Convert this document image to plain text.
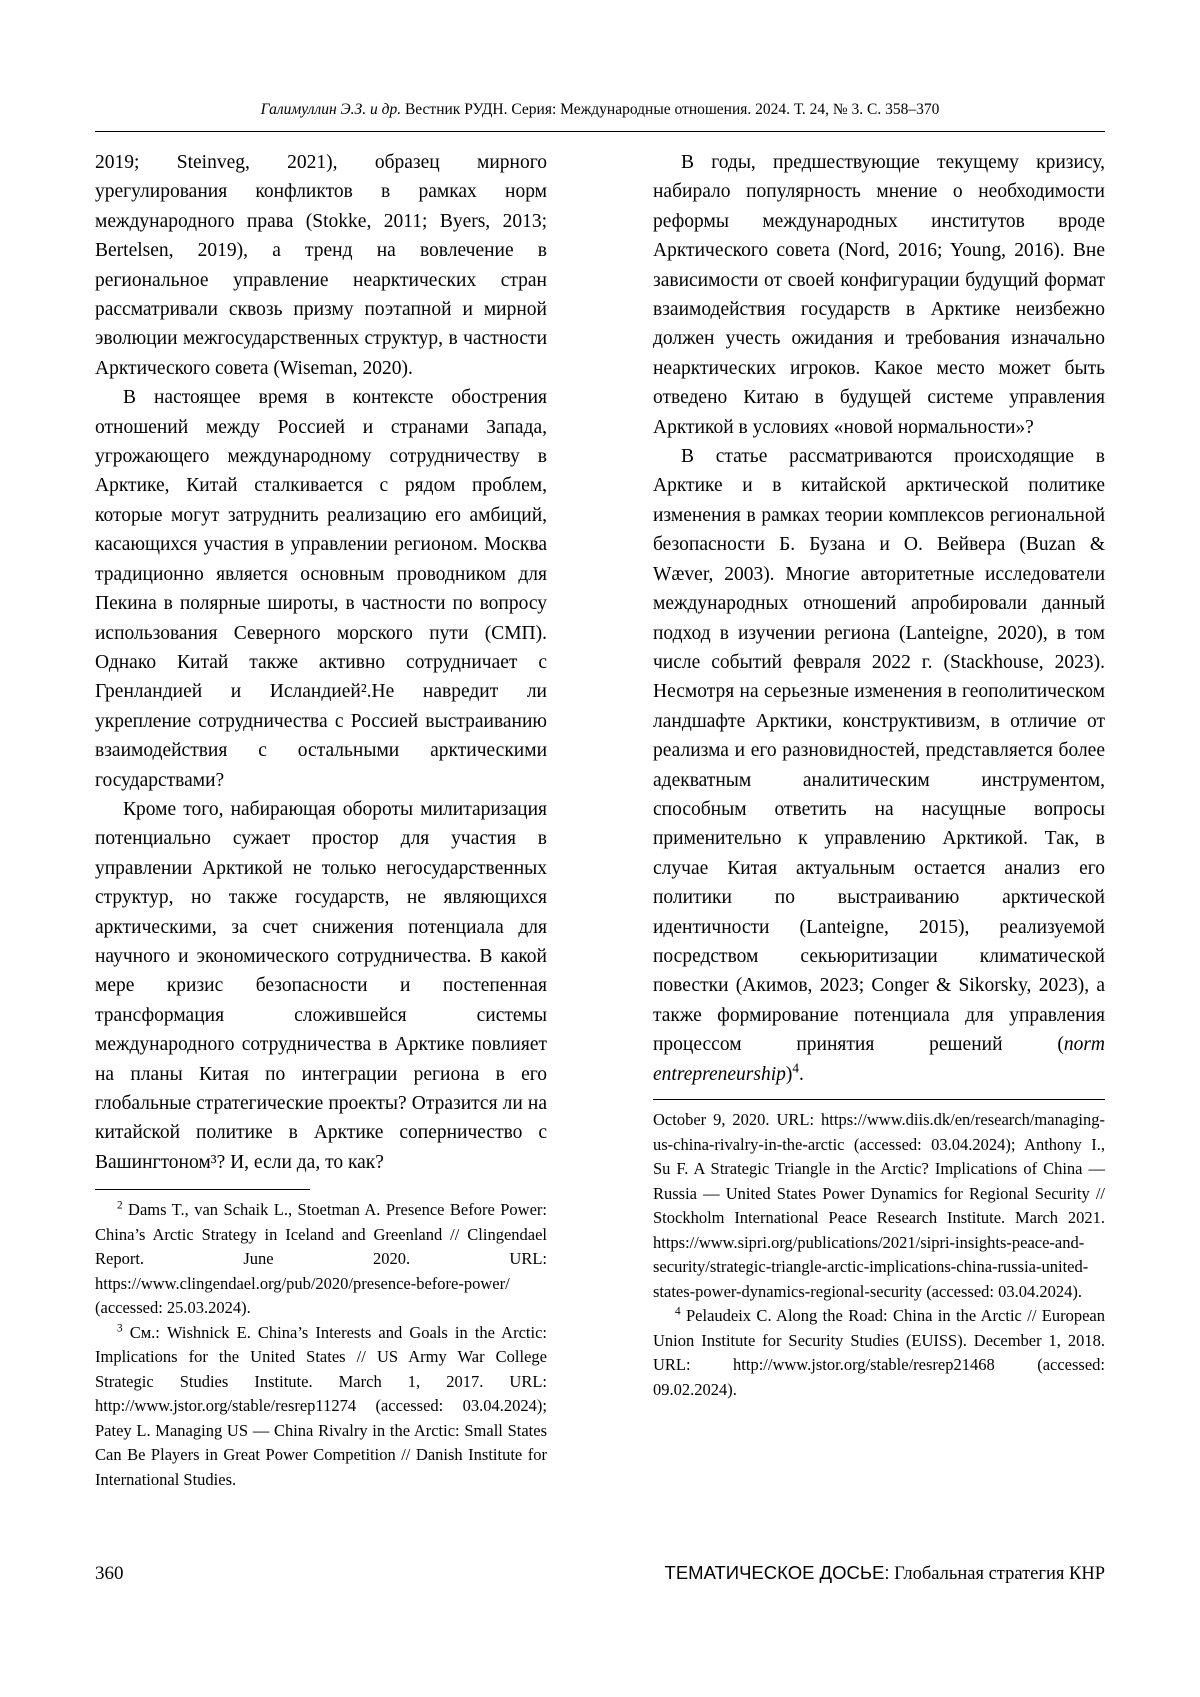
Галимуллин Э.З. и др. Вестник РУДН. Серия: Международные отношения. 2024. Т. 24, № 3. С. 358–370

2019; Steinveg, 2021), образец мирного урегулирования конфликтов в рамках норм международного права (Stokke, 2011; Byers, 2013; Bertelsen, 2019), а тренд на вовлечение в региональное управление неарктических стран рассматривали сквозь призму поэтапной и мирной эволюции межгосударственных структур, в частности Арктического совета (Wiseman, 2020).

В настоящее время в контексте обострения отношений между Россией и странами Запада, угрожающего международному сотрудничеству в Арктике, Китай сталкивается с рядом проблем, которые могут затруднить реализацию его амбиций, касающихся участия в управлении регионом. Москва традиционно является основным проводником для Пекина в полярные широты, в частности по вопросу использования Северного морского пути (СМП). Однако Китай также активно сотрудничает с Гренландией и Исландией².Не навредит ли укрепление сотрудничества с Россией выстраиванию взаимодействия с остальными арктическими государствами?

Кроме того, набирающая обороты милитаризация потенциально сужает простор для участия в управлении Арктикой не только негосударственных структур, но также государств, не являющихся арктическими, за счет снижения потенциала для научного и экономического сотрудничества. В какой мере кризис безопасности и постепенная трансформация сложившейся системы международного сотрудничества в Арктике повлияет на планы Китая по интеграции региона в его глобальные стратегические проекты? Отразится ли на китайской политике в Арктике соперничество с Вашингтоном³? И, если да, то как?

$^2$ Dams T., van Schaik L., Stoetman A. Presence Before Power: China’s Arctic Strategy in Iceland and Greenland // Clingendael Report. June 2020. URL: https://www.clingendael.org/pub/2020/presence-before-power/ (accessed: 25.03.2024).

$^3$ См.: Wishnick E. China’s Interests and Goals in the Arctic: Implications for the United States // US Army War College Strategic Studies Institute. March 1, 2017. URL: http://www.jstor.org/stable/resrep11274 (accessed: 03.04.2024); Patey L. Managing US — China Rivalry in the Arctic: Small States Can Be Players in Great Power Competition // Danish Institute for International Studies.

В годы, предшествующие текущему кризису, набирало популярность мнение о необходимости реформы международных институтов вроде Арктического совета (Nord, 2016; Young, 2016). Вне зависимости от своей конфигурации будущий формат взаимодействия государств в Арктике неизбежно должен учесть ожидания и требования изначально неарктических игроков. Какое место может быть отведено Китаю в будущей системе управления Арктикой в условиях «новой нормальности»?

В статье рассматриваются происходящие в Арктике и в китайской арктической политике изменения в рамках теории комплексов региональной безопасности Б. Бузана и О. Вейвера (Buzan & Wæver, 2003). Многие авторитетные исследователи международных отношений апробировали данный подход в изучении региона (Lanteigne, 2020), в том числе событий февраля 2022 г. (Stackhouse, 2023). Несмотря на серьезные изменения в геополитическом ландшафте Арктики, конструктивизм, в отличие от реализма и его разновидностей, представляется более адекватным аналитическим инструментом, способным ответить на насущные вопросы применительно к управлению Арктикой. Так, в случае Китая актуальным остается анализ его политики по выстраиванию арктической идентичности (Lanteigne, 2015), реализуемой посредством секьюритизации климатической повестки (Акимов, 2023; Conger & Sikorsky, 2023), а также формирование потенциала для управления процессом принятия решений (norm entrepreneurship)$^4$.

October 9, 2020. URL: https://www.diis.dk/en/research/managing-us-china-rivalry-in-the-arctic (accessed: 03.04.2024); Anthony I., Su F. A Strategic Triangle in the Arctic? Implications of China — Russia — United States Power Dynamics for Regional Security // Stockholm International Peace Research Institute. March 2021. https://www.sipri.org/publications/2021/sipri-insights-peace-and-security/strategic-triangle-arctic-implications-china-russia-united-states-power-dynamics-regional-security (accessed: 03.04.2024).

$^4$ Pelaudeix C. Along the Road: China in the Arctic // European Union Institute for Security Studies (EUISS). December 1, 2018. URL: http://www.jstor.org/stable/resrep21468 (accessed: 09.02.2024).

360	ТЕМАТИЧЕСКОЕ ДОСЬЕ: Глобальная стратегия КНР
